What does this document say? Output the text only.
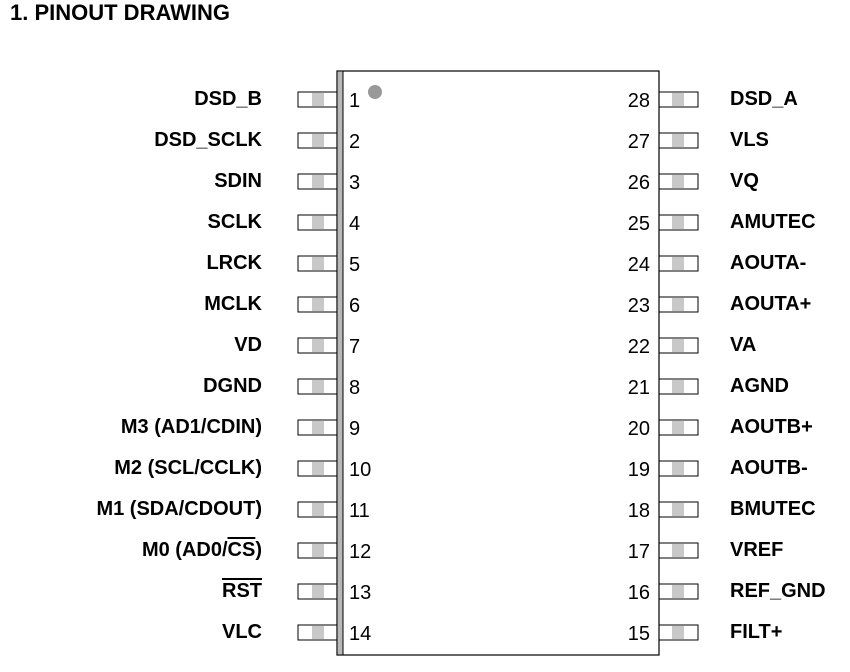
1. PINOUT DRAWING
DSD_B
DSD_SCLK
SDIN
SCLK
LRCK
MCLK
VD
DGND
M3 (AD1/CDIN)
M2 (SCL/CCLK)
M1 (SDA/CDOUT)
M0 $(AD0/\overline{CS})$
$\overline{RST}$
VLC
1
2
3
4
5
6
7
8
9
10
11
12
13
14
28
27
26
25
24
23
22
21
20
19
18
17
16
15
DSD_A
VLS
VQ
AMUTEC
AOUTA-
AOUTA+
VA
AGND
AOUTB+
AOUTB-
BMUTEC
VREF
REF_GND
FILT+
